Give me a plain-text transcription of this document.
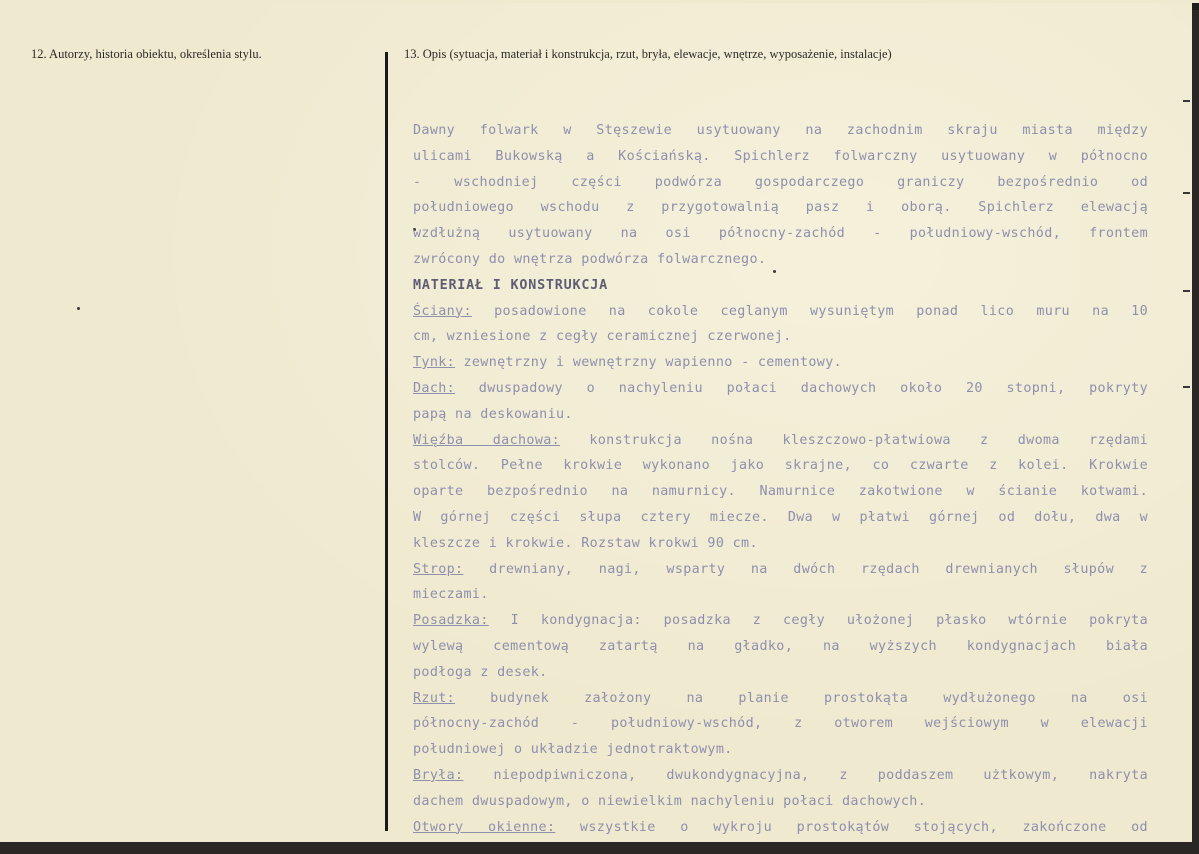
12. Autorzy, historia obiektu, określenia stylu.	13. Opis (sytuacja, materiał i konstrukcja, rzut, bryła, elewacje, wnętrze, wyposażenie, instalacje)
Dawny folwark w Stęszewie usytuowany na zachodnim skraju miasta między
ulicami Bukowską a Kościańską. Spichlerz folwarczny usytuowany w północno
- wschodniej części podwórza gospodarczego graniczy bezpośrednio od
południowego wschodu z przygotowalnią pasz i oborą. Spichlerz elewacją
wzdłużną usytuowany na osi północny-zachód - południowy-wschód, frontem
zwrócony do wnętrza podwórza folwarcznego.
MATERIAŁ I KONSTRUKCJA
Ściany: posadowione na cokole ceglanym wysuniętym ponad lico muru na 10
cm, wzniesione z cegły ceramicznej czerwonej.
Tynk: zewnętrzny i wewnętrzny wapienno - cementowy.
Dach: dwuspadowy o nachyleniu połaci dachowych około 20 stopni, pokryty
papą na deskowaniu.
Więźba dachowa: konstrukcja nośna kleszczowo-płatwiowa z dwoma rzędami
stolców. Pełne krokwie wykonano jako skrajne, co czwarte z kolei. Krokwie
oparte bezpośrednio na namurnicy. Namurnice zakotwione w ścianie kotwami.
W górnej części słupa cztery miecze. Dwa w płatwi górnej od dołu, dwa w
kleszcze i krokwie. Rozstaw krokwi 90 cm.
Strop: drewniany, nagi, wsparty na dwóch rzędach drewnianych słupów z
mieczami.
Posadzka: I kondygnacja: posadzka z cegły ułożonej płasko wtórnie pokryta
wylewą cementową zatartą na gładko, na wyższych kondygnacjach biała
podłoga z desek.
Rzut:	budynek założony na planie prostokąta wydłużonego na osi
północny-zachód - południowy-wschód, z otworem wejściowym w elewacji
południowej o układzie jednotraktowym.
Bryła: niepodpiwniczona, dwukondygnacyjna, z poddaszem użtkowym, nakryta
dachem dwuspadowym, o niewielkim nachyleniu połaci dachowych.
Otwory okienne: wszystkie o wykroju prostokątów stojących, zakończone od
